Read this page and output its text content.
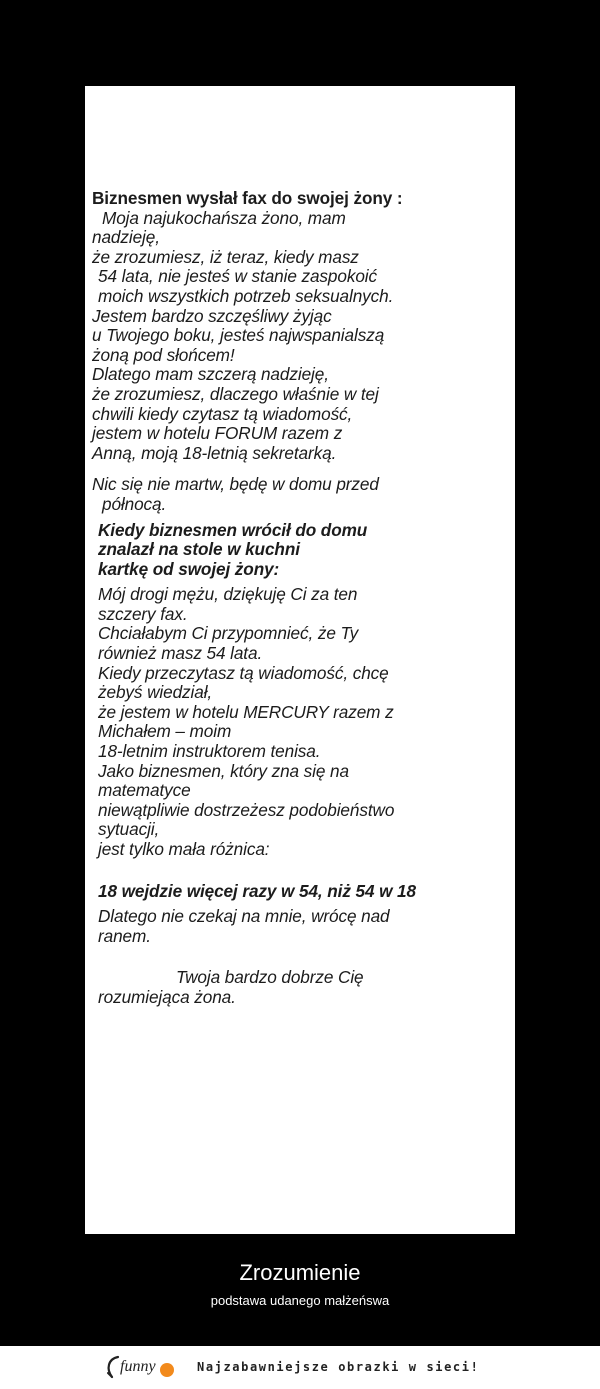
Biznesmen wysłał fax do swojej żony :

Moja najukochańsza żono, mam

nadzieję,

że zrozumiesz, iż teraz, kiedy masz

54 lata, nie jesteś w stanie zaspokoić

moich wszystkich potrzeb seksualnych.

Jestem bardzo szczęśliwy żyjąc

u Twojego boku, jesteś najwspanialszą

żoną pod słońcem!

Dlatego mam szczerą nadzieję,

że zrozumiesz, dlaczego właśnie w tej

chwili kiedy czytasz tą wiadomość,

jestem w hotelu FORUM razem z

Anną, moją 18-letnią sekretarką.

Nic się nie martw, będę w domu przed

północą.

Kiedy biznesmen wrócił do domu

znalazł na stole w kuchni

kartkę od swojej żony:

Mój drogi mężu, dziękuję Ci za ten

szczery fax.

Chciałabym Ci przypomnieć, że Ty

również masz 54 lata.

Kiedy przeczytasz tą wiadomość, chcę

żebyś wiedział,

że jestem w hotelu MERCURY razem z

Michałem – moim

18-letnim instruktorem tenisa.

Jako biznesmen, który zna się na

matematyce

niewątpliwie dostrzeżesz podobieństwo

sytuacji,

jest tylko mała różnica:

18 wejdzie więcej razy w 54, niż 54 w 18

Dlatego nie czekaj na mnie, wrócę nad

ranem.

Twoja bardzo dobrze Cię

rozumiejąca żona.

Zrozumienie
podstawa udanego małżeńswa
funny	Najzabawniejsze obrazki w sieci!
